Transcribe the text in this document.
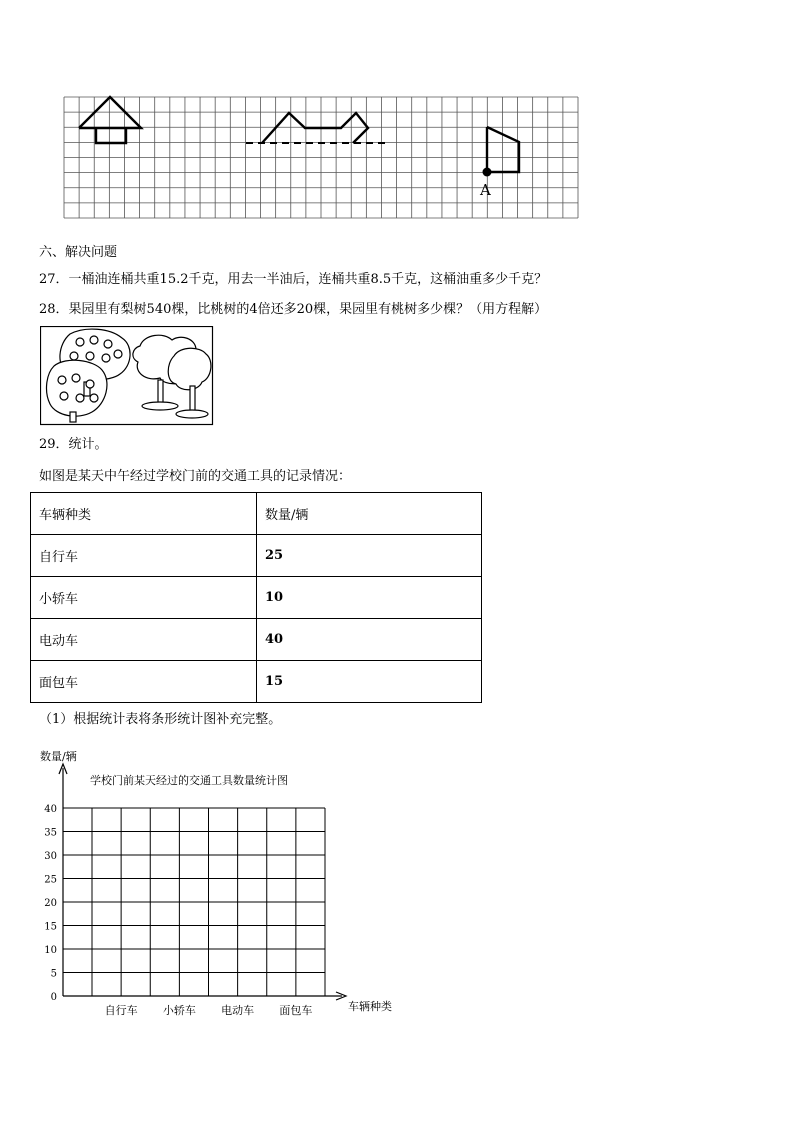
A
六、解决问题
27．一桶油连桶共重15.2千克，用去一半油后，连桶共重8.5千克，这桶油重多少千克？
28．果园里有梨树540棵，比桃树的4倍还多20棵，果园里有桃树多少棵？（用方程解）
29．统计。
如图是某天中午经过学校门前的交通工具的记录情况：
车辆种类	数量/辆
自行车	25
小轿车	10
电动车	40
面包车	15
（1）根据统计表将条形统计图补充完整。
数量/辆
学校门前某天经过的交通工具数量统计图
车辆种类
0
5
10
15
20
25
30
35
40
自行车 小轿车 电动车 面包车
